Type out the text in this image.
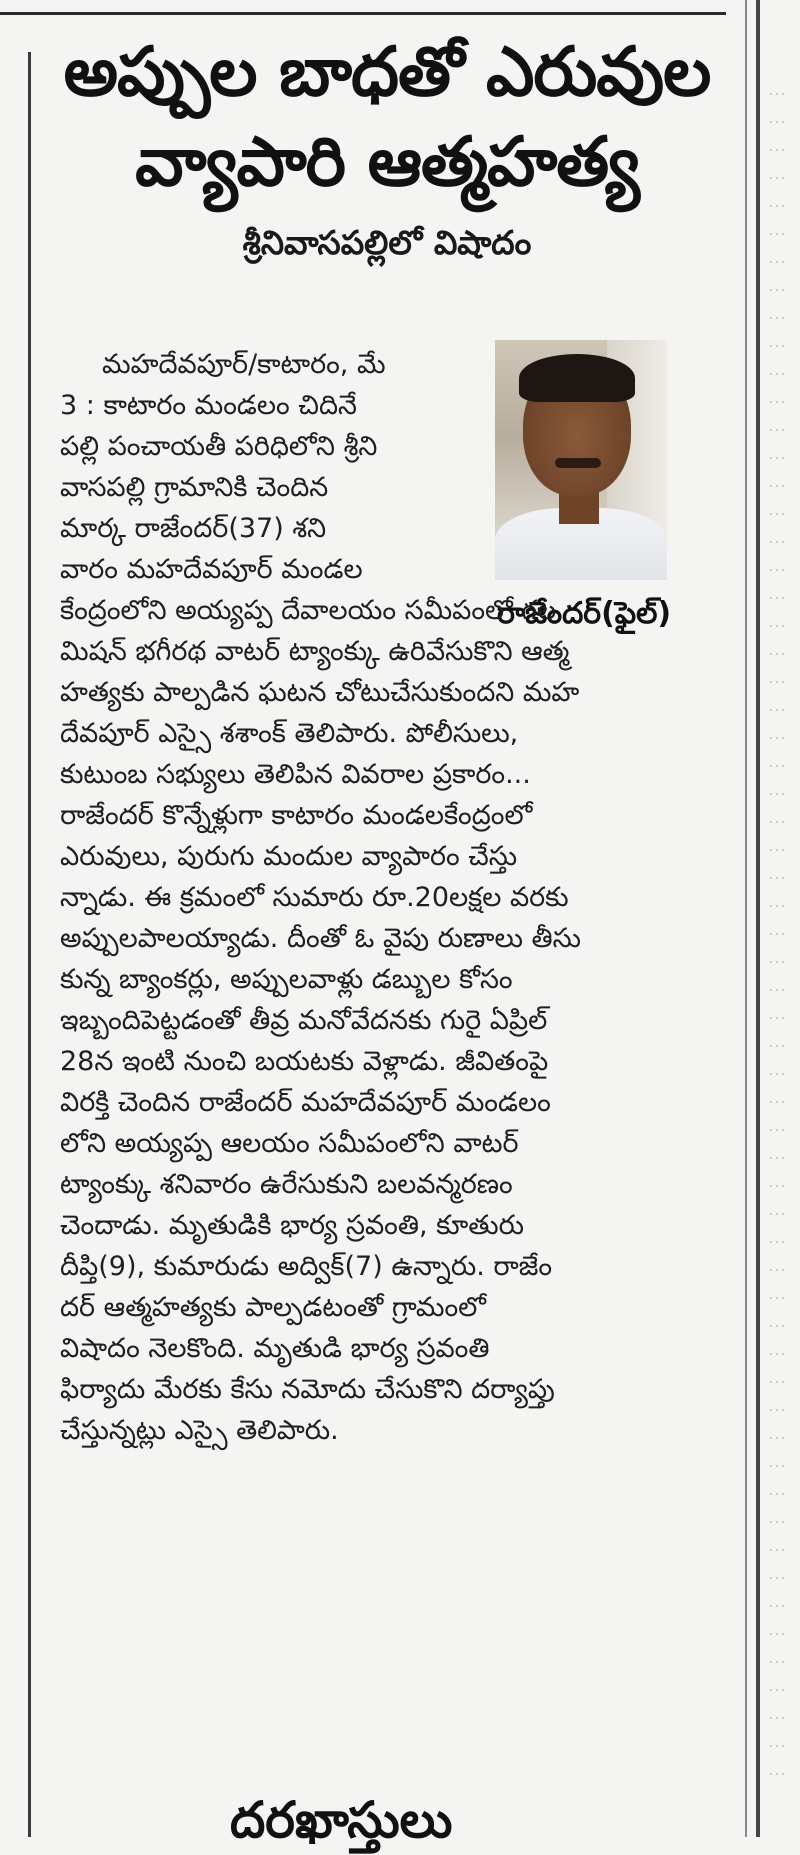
అప్పుల బాధతో ఎరువుల
వ్యాపారి ఆత్మహత్య
శ్రీనివాసపల్లిలో విషాదం
రాజేందర్(ఫైల్)
మహదేవపూర్/కాటారం, మే
3 : కాటారం మండలం చిదినే
పల్లి పంచాయతీ పరిధిలోని శ్రీని
వాసపల్లి గ్రామానికి చెందిన
మార్క రాజేందర్(37) శని
వారం మహదేవపూర్ మండల
కేంద్రంలోని అయ్యప్ప దేవాలయం సమీపంలో గల
మిషన్ భగీరథ వాటర్ ట్యాంక్కు ఉరివేసుకొని ఆత్మ
హత్యకు పాల్పడిన ఘటన చోటుచేసుకుందని మహ
దేవపూర్ ఎస్సై శశాంక్ తెలిపారు. పోలీసులు,
కుటుంబ సభ్యులు తెలిపిన వివరాల ప్రకారం...
రాజేందర్ కొన్నేళ్లుగా కాటారం మండలకేంద్రంలో
ఎరువులు, పురుగు మందుల వ్యాపారం చేస్తు
న్నాడు. ఈ క్రమంలో సుమారు రూ.20లక్షల వరకు
అప్పులపాలయ్యాడు. దీంతో ఓ వైపు రుణాలు తీసు
కున్న బ్యాంకర్లు, అప్పులవాళ్లు డబ్బుల కోసం
ఇబ్బందిపెట్టడంతో తీవ్ర మనోవేదనకు గురై ఏప్రిల్
28న ఇంటి నుంచి బయటకు వెళ్లాడు. జీవితంపై
విరక్తి చెందిన రాజేందర్ మహదేవపూర్ మండలం
లోని అయ్యప్ప ఆలయం సమీపంలోని వాటర్
ట్యాంక్కు శనివారం ఉరేసుకుని బలవన్మరణం
చెందాడు. మృతుడికి భార్య స్రవంతి, కూతురు
దీప్తి(9), కుమారుడు అద్విక్(7) ఉన్నారు. రాజేం
దర్ ఆత్మహత్యకు పాల్పడటంతో గ్రామంలో
విషాదం నెలకొంది. మృతుడి భార్య స్రవంతి
ఫిర్యాదు మేరకు కేసు నమోదు చేసుకొని దర్యాప్తు
చేస్తున్నట్లు ఎస్సై తెలిపారు.
దరఖాస్తులు
